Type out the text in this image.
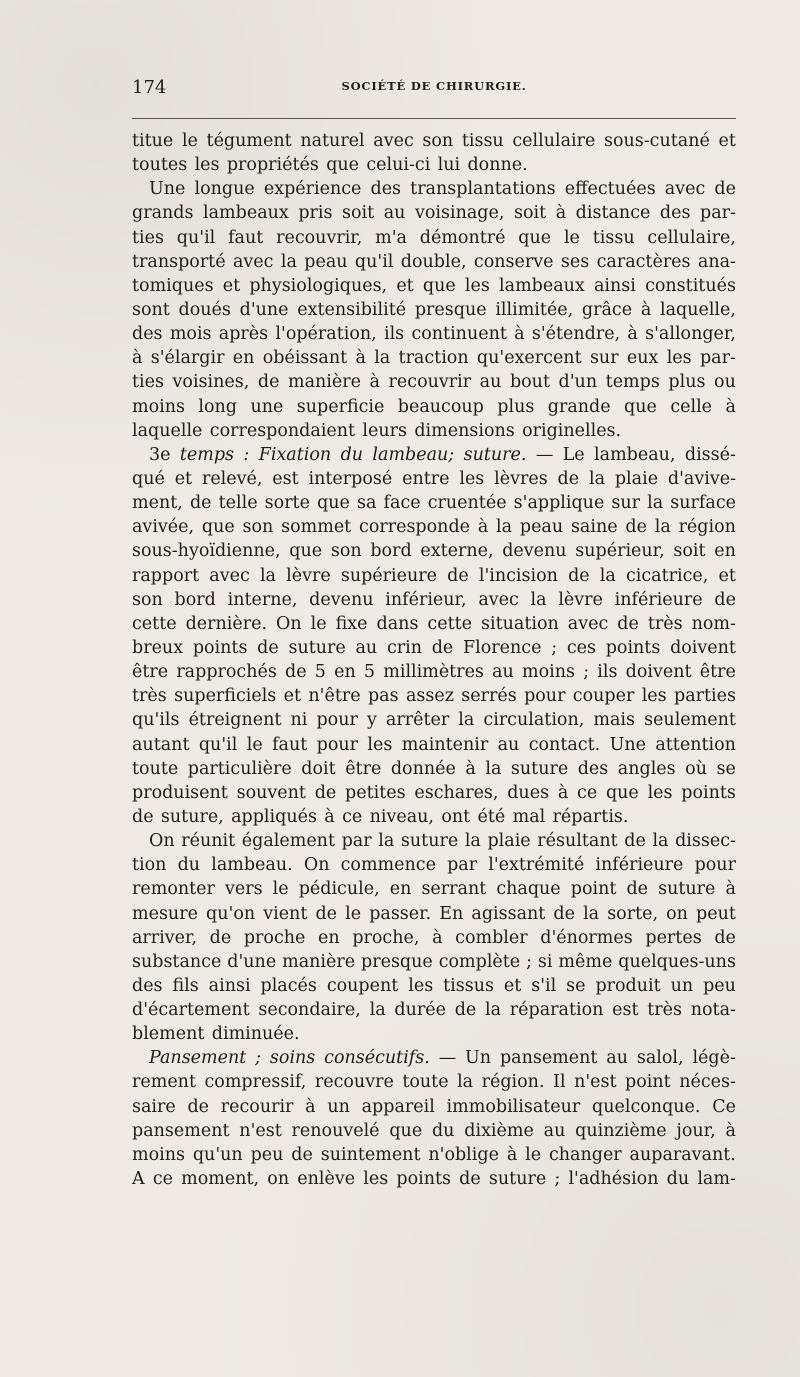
174	SOCIÉTÉ DE CHIRURGIE.
titue le tégument naturel avec son tissu cellulaire sous-cutané et
toutes les propriétés que celui-ci lui donne.
Une longue expérience des transplantations effectuées avec de
grands lambeaux pris soit au voisinage, soit à distance des par-
ties qu'il faut recouvrir, m'a démontré que le tissu cellulaire,
transporté avec la peau qu'il double, conserve ses caractères ana-
tomiques et physiologiques, et que les lambeaux ainsi constitués
sont doués d'une extensibilité presque illimitée, grâce à laquelle,
des mois après l'opération, ils continuent à s'étendre, à s'allonger,
à s'élargir en obéissant à la traction qu'exercent sur eux les par-
ties voisines, de manière à recouvrir au bout d'un temps plus ou
moins long une superficie beaucoup plus grande que celle à
laquelle correspondaient leurs dimensions originelles.
3e temps : Fixation du lambeau; suture. — Le lambeau, dissé-
qué et relevé, est interposé entre les lèvres de la plaie d'avive-
ment, de telle sorte que sa face cruentée s'applique sur la surface
avivée, que son sommet corresponde à la peau saine de la région
sous-hyoïdienne, que son bord externe, devenu supérieur, soit en
rapport avec la lèvre supérieure de l'incision de la cicatrice, et
son bord interne, devenu inférieur, avec la lèvre inférieure de
cette dernière. On le fixe dans cette situation avec de très nom-
breux points de suture au crin de Florence ; ces points doivent
être rapprochés de 5 en 5 millimètres au moins ; ils doivent être
très superficiels et n'être pas assez serrés pour couper les parties
qu'ils étreignent ni pour y arrêter la circulation, mais seulement
autant qu'il le faut pour les maintenir au contact. Une attention
toute particulière doit être donnée à la suture des angles où se
produisent souvent de petites eschares, dues à ce que les points
de suture, appliqués à ce niveau, ont été mal répartis.
On réunit également par la suture la plaie résultant de la dissec-
tion du lambeau. On commence par l'extrémité inférieure pour
remonter vers le pédicule, en serrant chaque point de suture à
mesure qu'on vient de le passer. En agissant de la sorte, on peut
arriver, de proche en proche, à combler d'énormes pertes de
substance d'une manière presque complète ; si même quelques-uns
des fils ainsi placés coupent les tissus et s'il se produit un peu
d'écartement secondaire, la durée de la réparation est très nota-
blement diminuée.
Pansement ; soins consécutifs. — Un pansement au salol, légè-
rement compressif, recouvre toute la région. Il n'est point néces-
saire de recourir à un appareil immobilisateur quelconque. Ce
pansement n'est renouvelé que du dixième au quinzième jour, à
moins qu'un peu de suintement n'oblige à le changer auparavant.
A ce moment, on enlève les points de suture ; l'adhésion du lam-
